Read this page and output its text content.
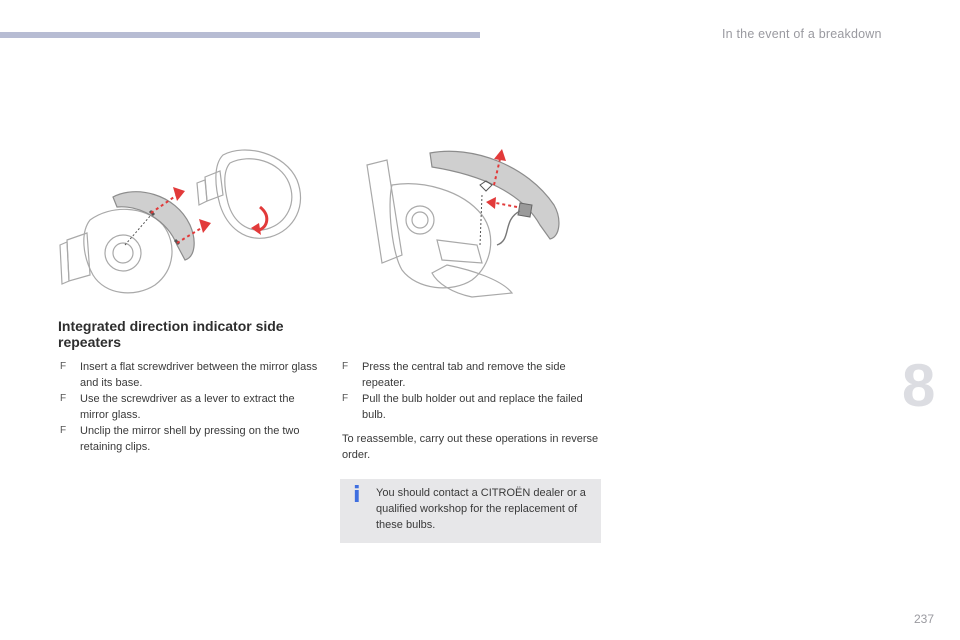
In the event of a breakdown
8
237
Integrated direction indicator side repeaters
F Insert a flat screwdriver between the mirror glass and its base.
F Use the screwdriver as a lever to extract the mirror glass.
F Unclip the mirror shell by pressing on the two retaining clips.
F Press the central tab and remove the side repeater.
F Pull the bulb holder out and replace the failed bulb.
To reassemble, carry out these operations in reverse order.
i You should contact a CITROËN dealer or a qualified workshop for the replacement of these bulbs.
